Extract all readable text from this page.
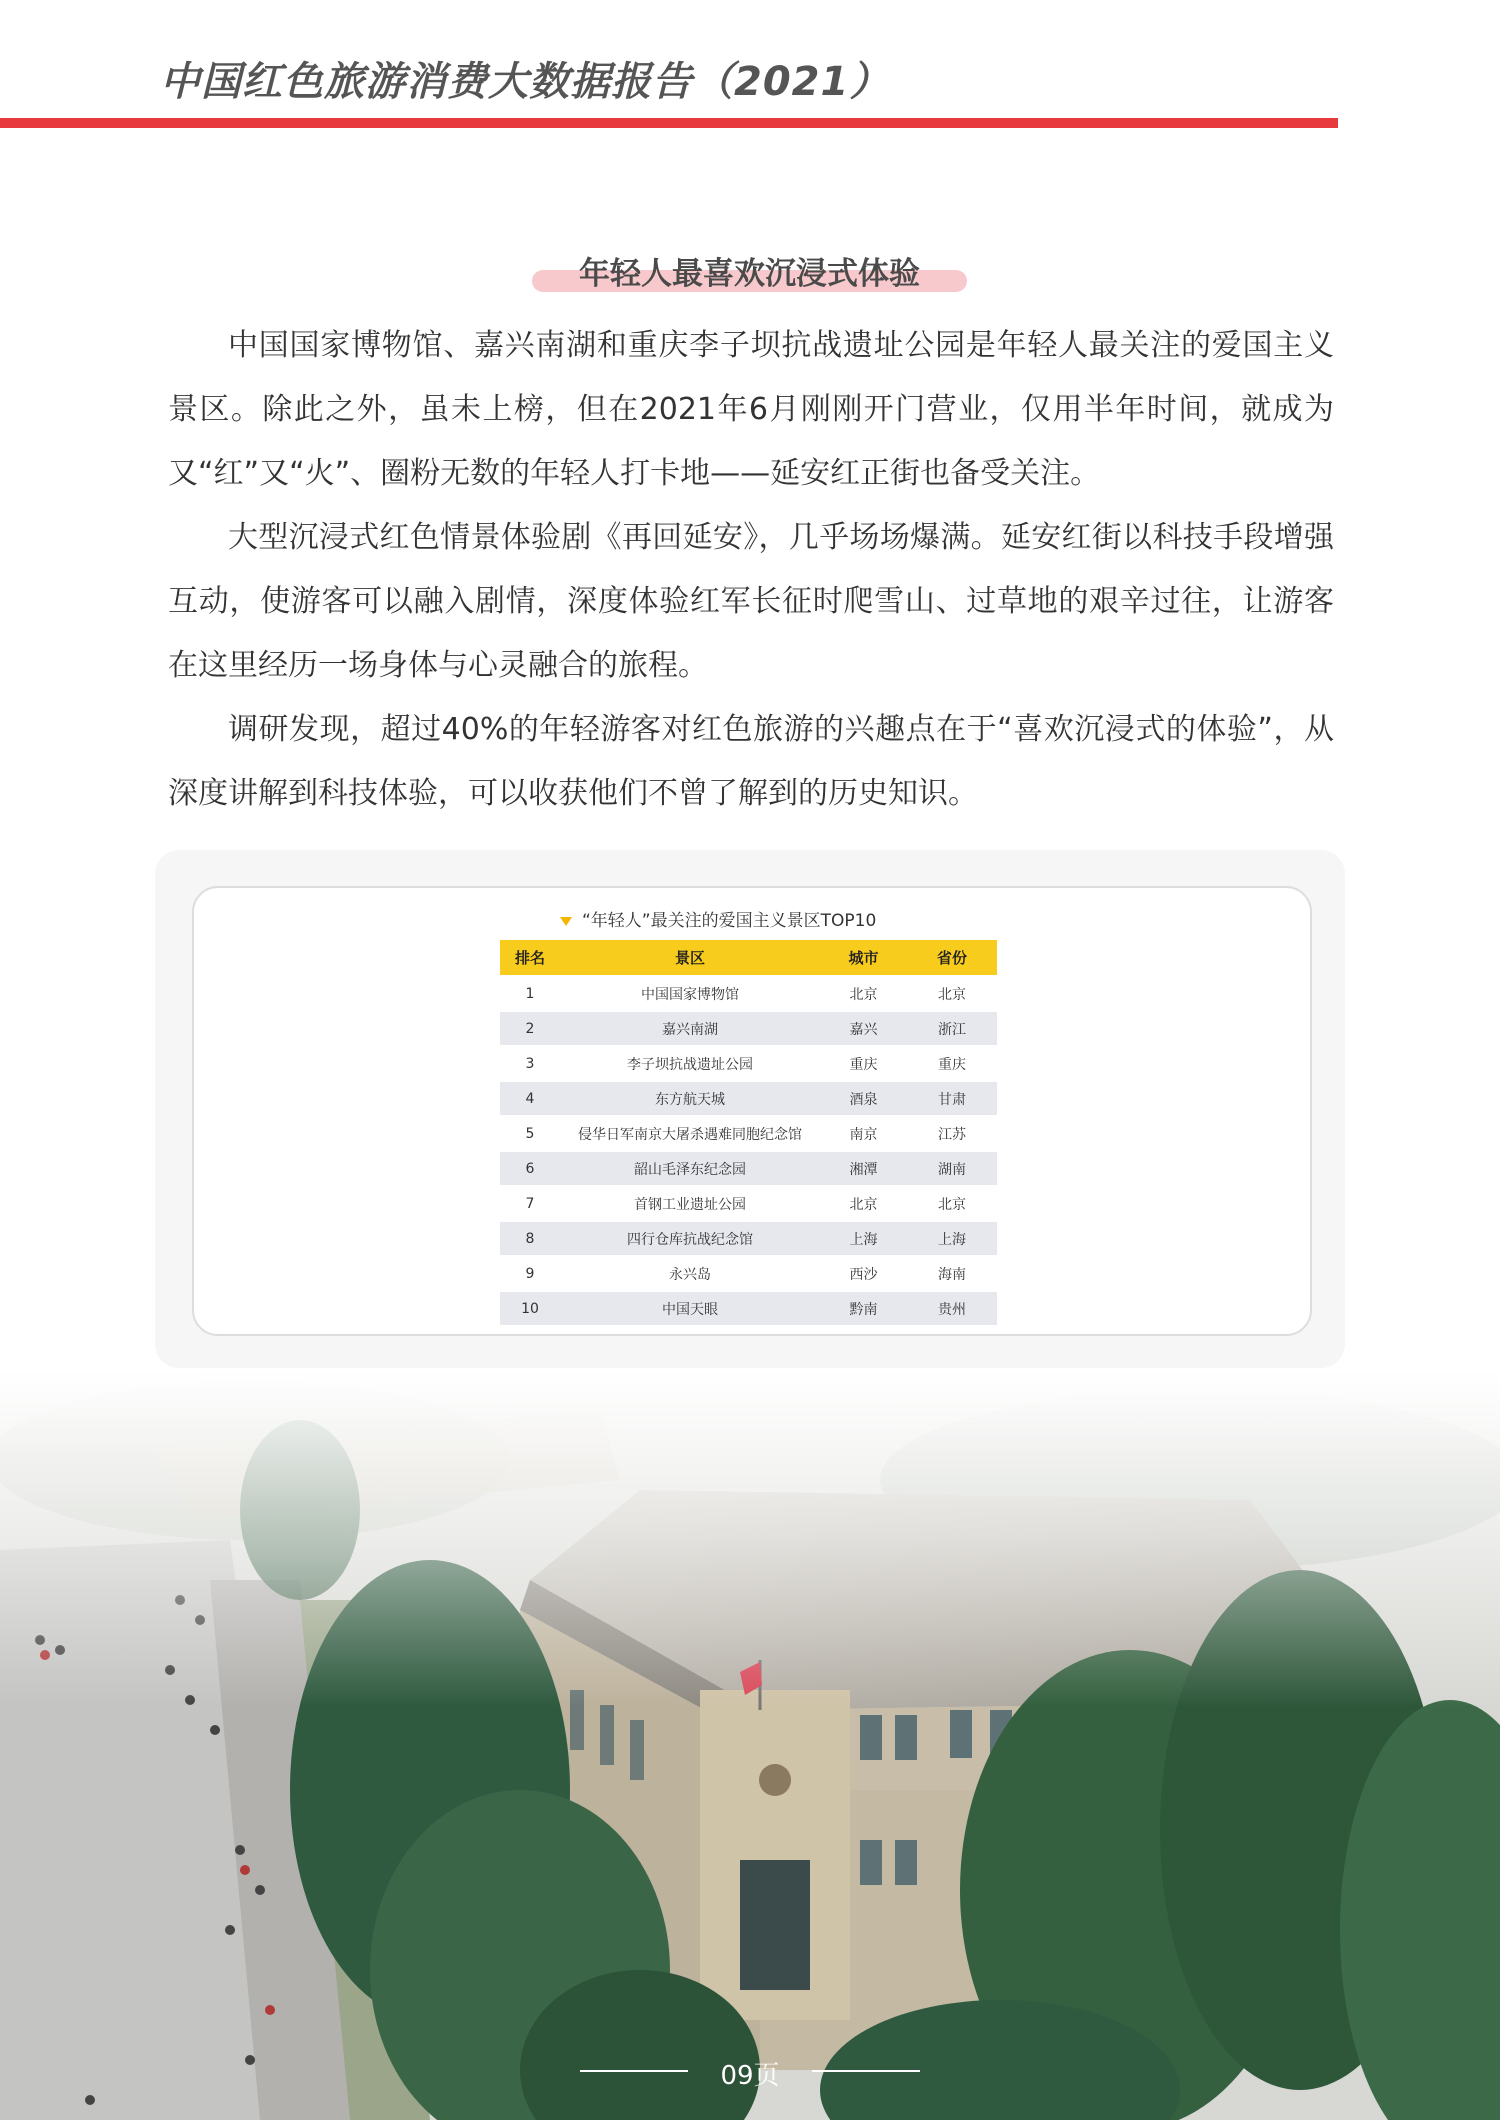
中国红色旅游消费大数据报告（2021）
年轻人最喜欢沉浸式体验

中国国家博物馆、嘉兴南湖和重庆李子坝抗战遗址公园是年轻人最关注的爱国主义景区。除此之外，虽未上榜，但在2021年6月刚刚开门营业，仅用半年时间，就成为又“红”又“火”、圈粉无数的年轻人打卡地——延安红正街也备受关注。

大型沉浸式红色情景体验剧《再回延安》，几乎场场爆满。延安红街以科技手段增强互动，使游客可以融入剧情，深度体验红军长征时爬雪山、过草地的艰辛过往，让游客在这里经历一场身体与心灵融合的旅程。

调研发现，超过40%的年轻游客对红色旅游的兴趣点在于“喜欢沉浸式的体验”，从深度讲解到科技体验，可以收获他们不曾了解到的历史知识。

“年轻人”最关注的爱国主义景区TOP10
排名	景区	城市	省份
1	中国国家博物馆	北京	北京
2	嘉兴南湖	嘉兴	浙江
3	李子坝抗战遗址公园	重庆	重庆
4	东方航天城	酒泉	甘肃
5	侵华日军南京大屠杀遇难同胞纪念馆	南京	江苏
6	韶山毛泽东纪念园	湘潭	湖南
7	首钢工业遗址公园	北京	北京
8	四行仓库抗战纪念馆	上海	上海
9	永兴岛	西沙	海南
10	中国天眼	黔南	贵州
09页
